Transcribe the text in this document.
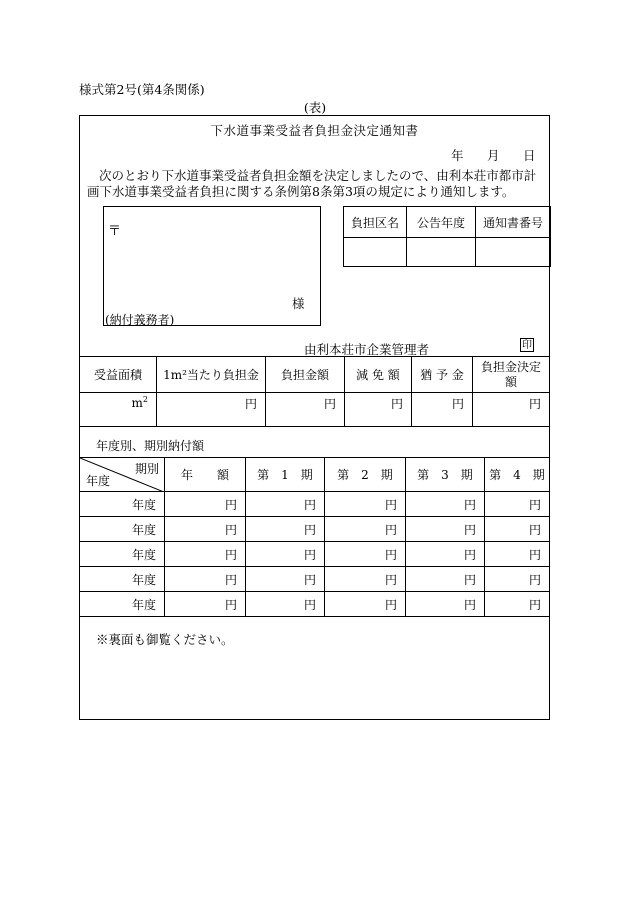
様式第2号(第4条関係)
(表)
下水道事業受益者負担金決定通知書
年 月 日
次のとおり下水道事業受益者負担金額を決定しましたので、由利本荘市都市計画下水道事業受益者負担に関する条例第8条第3項の規定により通知します。
〒
様
(納付義務者)
負担区名	公告年度	通知書番号

由利本荘市企業管理者	印
受益面積	1m²当たり負担金	負担金額	減 免 額	猶 予 金	負担金決定額
$m^2$	円	円	円	円	円
年度別、期別納付額
期別
年度	年　　額	第　1　期	第　2　期	第　3　期	第　4　期
年度	円	円	円	円	円
年度	円	円	円	円	円
年度	円	円	円	円	円
年度	円	円	円	円	円
年度	円	円	円	円	円
※裏面も御覧ください。
